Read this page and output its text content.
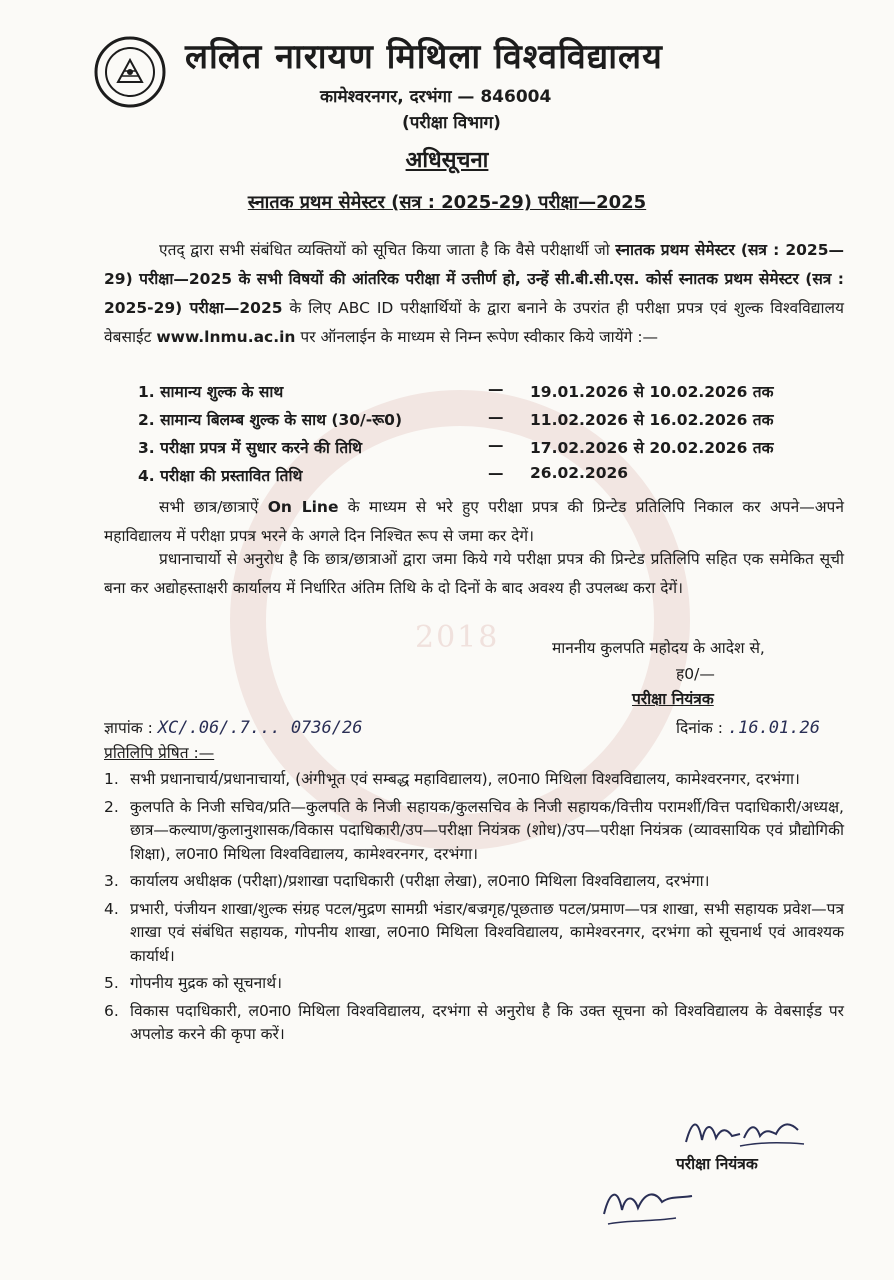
2018
ललित नारायण मिथिला विश्वविद्यालय
कामेश्वरनगर, दरभंगा — 846004
(परीक्षा विभाग)
अधिसूचना
स्नातक प्रथम सेमेस्टर (सत्र : 2025-29) परीक्षा—2025
एतद् द्वारा सभी संबंधित व्यक्तियों को सूचित किया जाता है कि वैसे परीक्षार्थी जो स्नातक प्रथम सेमेस्टर (सत्र : 2025—29) परीक्षा—2025 के सभी विषयों की आंतरिक परीक्षा में उत्तीर्ण हो, उन्हें सी.बी.सी.एस. कोर्स स्नातक प्रथम सेमेस्टर (सत्र : 2025-29) परीक्षा—2025 के लिए ABC ID परीक्षार्थियों के द्वारा बनाने के उपरांत ही परीक्षा प्रपत्र एवं शुल्क विश्वविद्यालय वेबसाईट www.lnmu.ac.in पर ऑनलाईन के माध्यम से निम्न रूपेण स्वीकार किये जायेंगे :—
1. सामान्य शुल्क के साथ	— 19.01.2026 से 10.02.2026 तक
2. सामान्य बिलम्ब शुल्क के साथ (30/-रू0)	— 11.02.2026 से 16.02.2026 तक
3. परीक्षा प्रपत्र में सुधार करने की तिथि	— 17.02.2026 से 20.02.2026 तक
4. परीक्षा की प्रस्तावित तिथि	— 26.02.2026
सभी छात्र/छात्राऐं On Line के माध्यम से भरे हुए परीक्षा प्रपत्र की प्रिन्टेड प्रतिलिपि निकाल कर अपने—अपने महाविद्यालय में परीक्षा प्रपत्र भरने के अगले दिन निश्चित रूप से जमा कर देगें।
प्रधानाचार्यो से अनुरोध है कि छात्र/छात्राओं द्वारा जमा किये गये परीक्षा प्रपत्र की प्रिन्टेड प्रतिलिपि सहित एक समेकित सूची बना कर अद्योहस्ताक्षरी कार्यालय में निर्धारित अंतिम तिथि के दो दिनों के बाद अवश्य ही उपलब्ध करा देगें।
माननीय कुलपति महोदय के आदेश से,
ह0/—
परीक्षा नियंत्रक
ज्ञापांक : XC/.06/.7... 0736/26	दिनांक : .16.01.26
प्रतिलिपि प्रेषित :—
1. सभी प्रधानाचार्य/प्रधानाचार्या, (अंगीभूत एवं सम्बद्ध महाविद्यालय), ल0ना0 मिथिला विश्वविद्यालय, कामेश्वरनगर, दरभंगा।
2. कुलपति के निजी सचिव/प्रति—कुलपति के निजी सहायक/कुलसचिव के निजी सहायक/वित्तीय परामर्शी/वित्त पदाधिकारी/अध्यक्ष, छात्र—कल्याण/कुलानुशासक/विकास पदाधिकारी/उप—परीक्षा नियंत्रक (शोध)/उप—परीक्षा नियंत्रक (व्यावसायिक एवं प्रौद्योगिकी शिक्षा), ल0ना0 मिथिला विश्वविद्यालय, कामेश्वरनगर, दरभंगा।
3. कार्यालय अधीक्षक (परीक्षा)/प्रशाखा पदाधिकारी (परीक्षा लेखा), ल0ना0 मिथिला विश्वविद्यालय, दरभंगा।
4. प्रभारी, पंजीयन शाखा/शुल्क संग्रह पटल/मुद्रण सामग्री भंडार/बज्रगृह/पूछताछ पटल/प्रमाण—पत्र शाखा, सभी सहायक प्रवेश—पत्र शाखा एवं संबंधित सहायक, गोपनीय शाखा, ल0ना0 मिथिला विश्वविद्यालय, कामेश्वरनगर, दरभंगा को सूचनार्थ एवं आवश्यक कार्यार्थ।
5. गोपनीय मुद्रक को सूचनार्थ।
6. विकास पदाधिकारी, ल0ना0 मिथिला विश्वविद्यालय, दरभंगा से अनुरोध है कि उक्त सूचना को विश्वविद्यालय के वेबसाईड पर अपलोड करने की कृपा करें।
परीक्षा नियंत्रक
